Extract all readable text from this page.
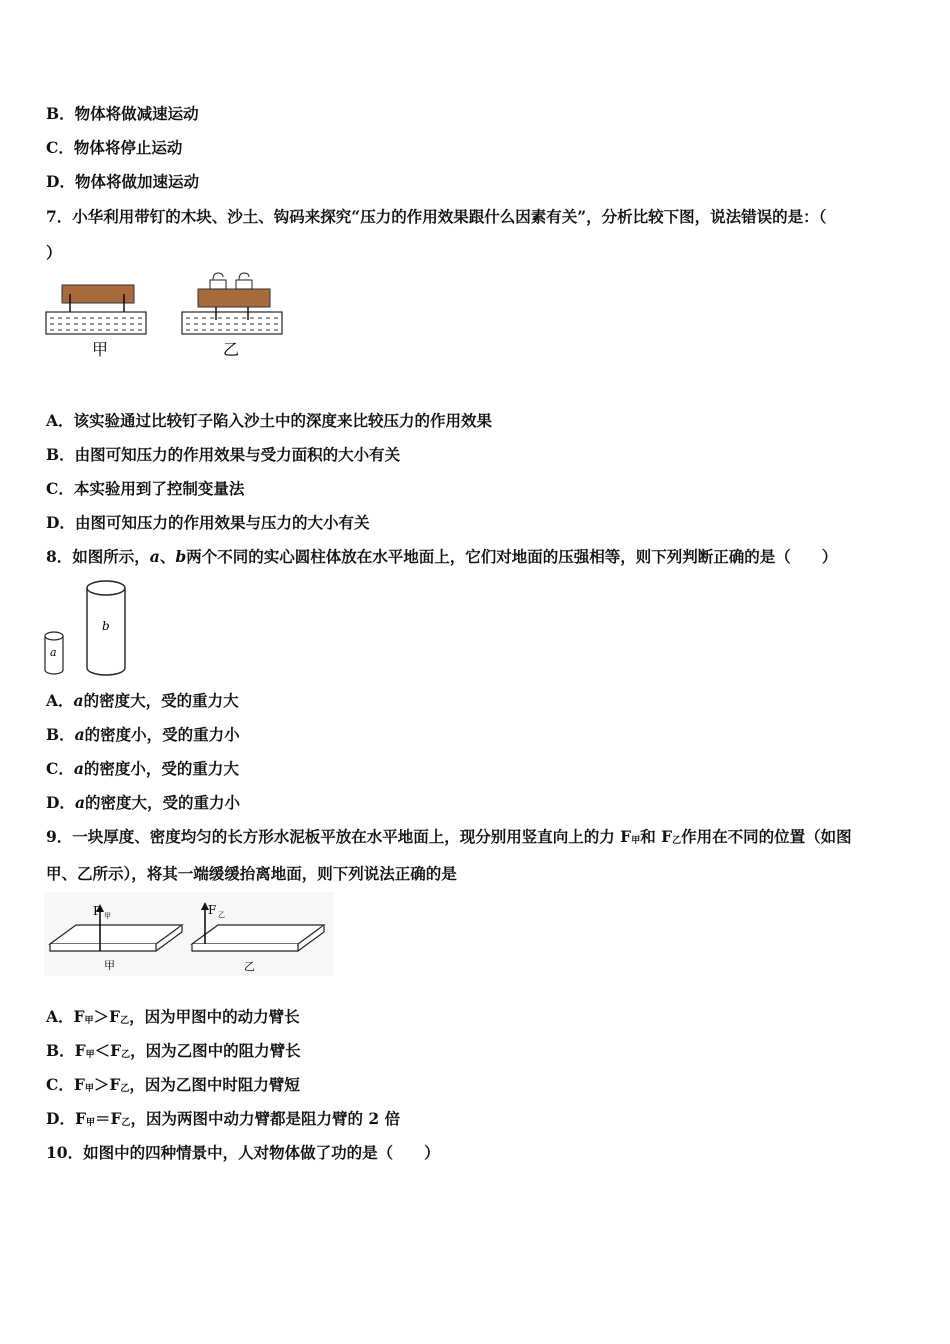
B．物体将做减速运动
C．物体将停止运动
D．物体将做加速运动
7．小华利用带钉的木块、沙土、钩码来探究“压力的作用效果跟什么因素有关”，分析比较下图，说法错误的是：（
）
甲	乙
A．该实验通过比较钉子陷入沙土中的深度来比较压力的作用效果
B．由图可知压力的作用效果与受力面积的大小有关
C．本实验用到了控制变量法
D．由图可知压力的作用效果与压力的大小有关
8．如图所示，a、b两个不同的实心圆柱体放在水平地面上，它们对地面的压强相等，则下列判断正确的是（　　）
a
b
A．a的密度大，受的重力大
B．a的密度小，受的重力小
C．a的密度小，受的重力大
D．a的密度大，受的重力小
9．一块厚度、密度均匀的长方形水泥板平放在水平地面上，现分别用竖直向上的力 $F_甲$和 $F_乙$作用在不同的位置（如图
甲、乙所示），将其一端缓缓抬离地面，则下列说法正确的是
F 甲
甲
F 乙
乙
A．$F_甲>F_乙$，因为甲图中的动力臂长
B．$F_甲<F_乙$，因为乙图中的阻力臂长
C．$F_甲>F_乙$，因为乙图中时阻力臂短
D．$F_甲=F_乙$，因为两图中动力臂都是阻力臂的 2 倍
10．如图中的四种情景中，人对物体做了功的是（　　）
